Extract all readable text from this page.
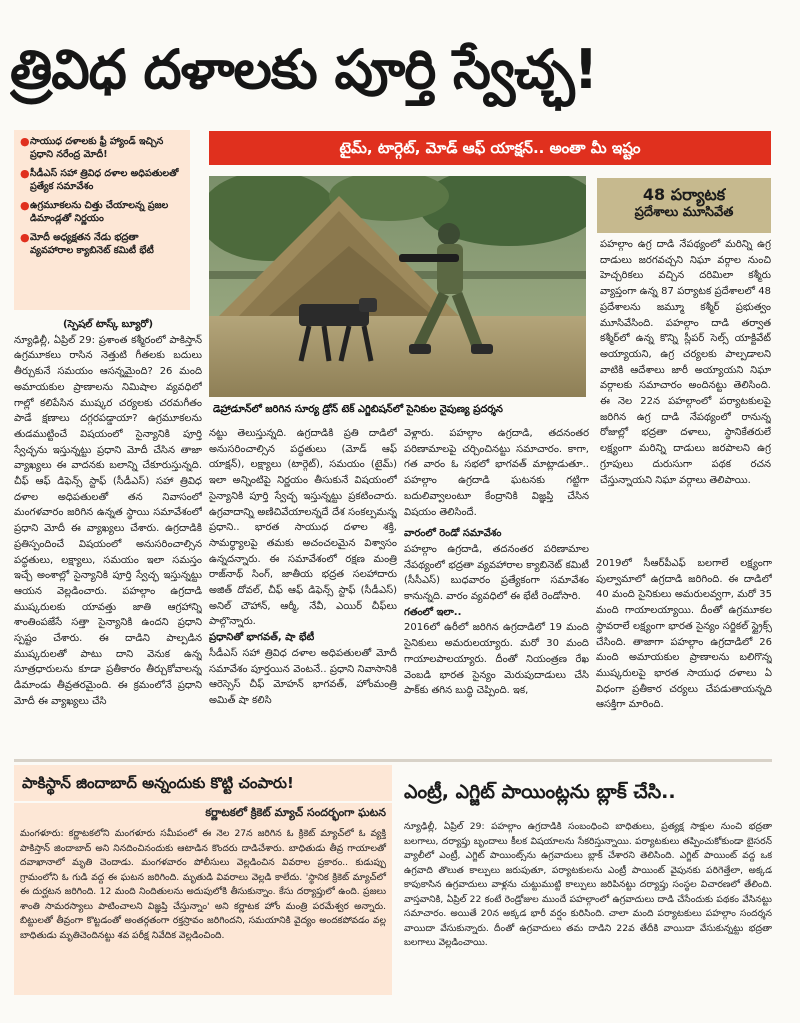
త్రివిధ దళాలకు పూర్తి స్వేచ్ఛ!
● సాయుధ దళాలకు ఫ్రీ హ్యాండ్ ఇచ్చిన ప్రధాని నరేంద్ర మోదీ!
● సీడీఎస్ సహా త్రివిధ దళాల అధిపతులతో ప్రత్యేక సమావేశం
● ఉగ్రమూకలను చిత్తు చేయాలన్న ప్రజల డిమాండ్లతో నిర్ణయం
● మోదీ అధ్యక్షతన నేడు భద్రతా వ్యవహారాల క్యాబినెట్ కమిటీ భేటీ
టైమ్, టార్గెట్, మోడ్ ఆఫ్ యాక్షన్.. అంతా మీ ఇష్టం
డెహ్రాడూన్‌లో జరిగిన సూర్య డ్రోన్ టెక్ ఎగ్జిబిషన్‌లో సైనికుల నైపుణ్య ప్రదర్శన
48 పర్యాటక
ప్రదేశాలు మూసివేత
పహల్గాం ఉగ్ర దాడి నేపథ్యంలో మరిన్ని ఉగ్ర దాడులు జరగవచ్చని నిఘా వర్గాల నుంచి హెచ్చరికలు వచ్చిన దరిమిలా కశ్మీరు వ్యాప్తంగా ఉన్న 87 పర్యాటక ప్రదేశాలలో 48 ప్రదేశాలను జమ్మూ కశ్మీర్ ప్రభుత్వం మూసివేసింది. పహల్గాం దాడి తర్వాత కశ్మీర్‌లో ఉన్న కొన్ని స్లీపర్ సెల్స్ యాక్టివేట్ అయ్యాయని, ఉగ్ర చర్యలకు పాల్పడాలని వాటికి ఆదేశాలు జారీ అయ్యాయని నిఘా వర్గాలకు సమాచారం అందినట్టు తెలిసింది. ఈ నెల 22న పహల్గాంలో పర్యాటకులపై జరిగిన ఉగ్ర దాడి నేపథ్యంలో రానున్న రోజుల్లో భద్రతా దళాలు, స్థానికేతరులే లక్ష్యంగా మరిన్ని దాడులు జరపాలని ఉగ్ర గ్రూపులు దురుసుగా పథక రచన చేస్తున్నాయని నిఘా వర్గాలు తెలిపాయి.
(స్పెషల్ టాస్క్ బ్యూరో)
న్యూఢిల్లీ, ఏప్రిల్ 29: ప్రశాంత కశ్మీరంలో పాకిస్తాన్ ఉగ్రమూకలు రాసిన నెత్తుటి గీతలకు బదులు తీర్చుకునే సమయం ఆసన్నమైంది? 26 మంది అమాయకుల ప్రాణాలను నిమిషాల వ్యవధిలో గాల్లో కలిపేసిన ముష్కర చర్యలకు చరమగీతం పాడే క్షణాలు దగ్గరపడ్డాయా? ఉగ్రమూకలను తుడముట్టించే విషయంలో సైన్యానికి పూర్తి స్వేచ్ఛను ఇస్తున్నట్టు ప్రధాని మోదీ చేసిన తాజా వ్యాఖ్యలు ఈ వాదనకు బలాన్ని చేకూరుస్తున్నది. చీఫ్ ఆఫ్ డిఫెన్స్ స్టాఫ్ (సీడీఎస్) సహా త్రివిధ దళాల అధిపతులతో తన నివాసంలో మంగళవారం జరిగిన ఉన్నత స్థాయి సమావేశంలో ప్రధాని మోదీ ఈ వ్యాఖ్యలు చేశారు. ఉగ్రదాడికి ప్రతిస్పందించే విషయంలో అనుసరించాల్సిన పద్ధతులు, లక్ష్యాలు, సమయం ఇలా సమస్తం ఇచ్చే అంశాల్లో సైన్యానికి పూర్తి స్వేచ్ఛ ఇస్తున్నట్టు ఆయన వెల్లడించారు. పహల్గాం ఉగ్రదాడి ముష్కరులకు యావత్తు జాతి ఆగ్రహాన్ని శాంతింపజేసే సత్తా సైన్యానికి ఉందని ప్రధాని స్పష్టం చేశారు. ఈ దాడిని పాల్పడిన ముష్కరులతో పాటు దాని వెనుక ఉన్న సూత్రధారులను కూడా ప్రతీకారం తీర్చుకోవాలన్న డిమాండు తీవ్రతరమైంది. ఈ క్రమంలోనే ప్రధాని మోదీ ఈ వ్యాఖ్యలు చేసి
నట్టు తెలుస్తున్నది. ఉగ్రదాడికి ప్రతి దాడిలో అనుసరించాల్సిన పద్ధతులు (మోడ్ ఆఫ్ యాక్షన్), లక్ష్యాలు (టార్గెట్), సమయం (టైమ్) ఇలా అన్నింటిపై నిర్ణయం తీసుకునే విషయంలో సైన్యానికి పూర్తి స్వేచ్ఛ ఇస్తున్నట్టు ప్రకటించారు. ఉగ్రవాదాన్ని అణిచివేయాలన్నదే దేశ సంకల్పమన్న ప్రధాని.. భారత సాయుధ దళాల శక్తి, సామర్థ్యాలపై తమకు అచంచలమైన విశ్వాసం ఉన్నదన్నారు. ఈ సమావేశంలో రక్షణ మంత్రి రాజ్‌నాథ్ సింగ్, జాతీయ భద్రత సలహాదారు అజిత్ దోవల్, చీఫ్ ఆఫ్ డిఫెన్స్ స్టాఫ్ (సీడీఎస్) అనిల్ చౌహాన్, ఆర్మీ, నేవీ, ఎయిర్ చీఫ్‌లు పాల్గొన్నారు.
ప్రధానితో భాగవత్, షా భేటీ
సీడీఎస్ సహా త్రివిధ దళాల అధిపతులతో మోదీ సమావేశం పూర్తయిన వెంటనే.. ప్రధాని నివాసానికి ఆరెస్సెస్ చీఫ్ మోహన్ భాగవత్, హోంమంత్రి అమిత్ షా కలిసి
వెళ్లారు. పహల్గాం ఉగ్రదాడి, తదనంతర పరిణామాలపై చర్చించినట్టు సమాచారం. కాగా, గత వారం ఓ సభలో భాగవత్ మాట్లాడుతూ.. పహల్గాం ఉగ్రదాడి ఘటనకు గట్టిగా బదులివ్వాలంటూ కేంద్రానికి విజ్ఞప్తి చేసిన విషయం తెలిసిందే.
వారంలో రెండో సమావేశం
పహల్గాం ఉగ్రదాడి, తదనంతర పరిణామాల నేపథ్యంలో భద్రతా వ్యవహారాల క్యాబినెట్ కమిటీ (సీసీఎస్) బుధవారం ప్రత్యేకంగా సమావేశం కానున్నది. వారం వ్యవధిలో ఈ భేటీ రెండోసారి.
గతంలో ఇలా..
2016లో ఉరీలో జరిగిన ఉగ్రదాడిలో 19 మంది సైనికులు అమరులయ్యారు. మరో 30 మంది గాయాలపాలయ్యారు. దీంతో నియంత్రణ రేఖ వెంబడి భారత సైన్యం మెరుపుదాడులు చేసి పాక్‌కు తగిన బుద్ధి చెప్పింది. ఇక,
2019లో సీఆర్‌పీఎఫ్ బలగాలే లక్ష్యంగా పుల్వామాలో ఉగ్రదాడి జరిగింది. ఈ దాడిలో 40 మంది సైనికులు అమరులవ్వగా, మరో 35 మంది గాయాలయ్యాయి. దీంతో ఉగ్రమూకల స్థావరాలే లక్ష్యంగా భారత సైన్యం సర్జికల్ స్ట్రైక్స్ చేసింది. తాజాగా పహల్గాం ఉగ్రదాడిలో 26 మంది అమాయకుల ప్రాణాలను బలిగొన్న ముష్కరులపై భారత సాయుధ దళాలు ఏ విధంగా ప్రతీకార చర్యలు చేపడుతాయన్నది ఆసక్తిగా మారింది.
పాకిస్థాన్ జిందాబాద్ అన్నందుకు కొట్టి చంపారు!
కర్ణాటకలో క్రికెట్ మ్యాచ్ సందర్భంగా ఘటన
మంగళూరు: కర్ణాటకలోని మంగళూరు సమీపంలో ఈ నెల 27న జరిగిన ఓ క్రికెట్ మ్యాచ్‌లో ఓ వ్యక్తి పాకిస్తాన్ జిందాబాద్ అని నినదించినందుకు ఆటాడిన కొందరు దాడిచేశారు. బాధితుడు తీవ్ర గాయాలతో దవాఖానాలో మృతి చెందాడు. మంగళవారం పోలీసులు వెల్లడించిన వివరాల ప్రకారం.. కుడుప్పు గ్రామంలోని ఓ గుడి వద్ద ఈ ఘటన జరిగింది. మృతుడి వివరాలు వెల్లడి కాలేదు. 'స్థానిక క్రికెట్ మ్యాచ్‌లో ఈ దుర్ఘటన జరిగింది. 12 మంది నిందితులను అదుపులోకి తీసుకున్నాం. కేసు దర్యాప్తులో ఉంది. ప్రజలు శాంతి సామరస్యాలు పాటించాలని విజ్ఞప్తి చేస్తున్నాం' అని కర్ణాటక హోం మంత్రి పరమేశ్వర అన్నారు. బిట్టులతో తీవ్రంగా కొట్టడంతో అంతర్గతంగా రక్తస్రావం జరిగిందని, సమయానికి వైద్యం అందకపోవడం వల్ల బాధితుడు మృతిచెందినట్టు శవ పరీక్ష నివేదిక వెల్లడించింది.
ఎంట్రీ, ఎగ్జిట్ పాయింట్లను బ్లాక్ చేసి..
న్యూఢిల్లీ, ఏప్రిల్ 29: పహల్గాం ఉగ్రదాడికి సంబంధించి బాధితులు, ప్రత్యక్ష సాక్షుల నుంచి భద్రతా బలగాలు, దర్యాప్తు బృందాలు కీలక విషయాలను సేకరిస్తున్నాయి. పర్యాటకులు తప్పించుకోకుండా బైసరన్ వ్యాలీలో ఎంట్రీ, ఎగ్జిట్ పాయింట్స్‌ను ఉగ్రవాదులు బ్లాక్ చేశారని తెలిసింది. ఎగ్జిట్ పాయింట్ వద్ద ఒక ఉగ్రవాది తొలుత కాల్పులు జరుపుతూ, పర్యాటకులను ఎంట్రీ పాయింట్ వైపునకు పరిగెత్తేలా, అక్కడ కాపుకాసిన ఉగ్రవాదులు వాళ్లను చుట్టుముట్టి కాల్పులు జరిపినట్టు దర్యాప్తు సంస్థల విచారణలో తేలింది. వాస్తవానికి, ఏప్రిల్ 22 కంటే రెండ్రోజుల ముందే పహల్గాంలో ఉగ్రవాదులు దాడి చేసేందుకు పథకం వేసినట్టు సమాచారం. అయితే 20న అక్కడ భారీ వర్షం కురిసింది. చాలా మంది పర్యాటకులు పహల్గాం సందర్శన వాయిదా వేసుకున్నారు. దీంతో ఉగ్రవాదులు తమ దాడిని 22వ తేదీకి వాయిదా వేసుకున్నట్టు భద్రతా బలగాలు వెల్లడించాయి.
